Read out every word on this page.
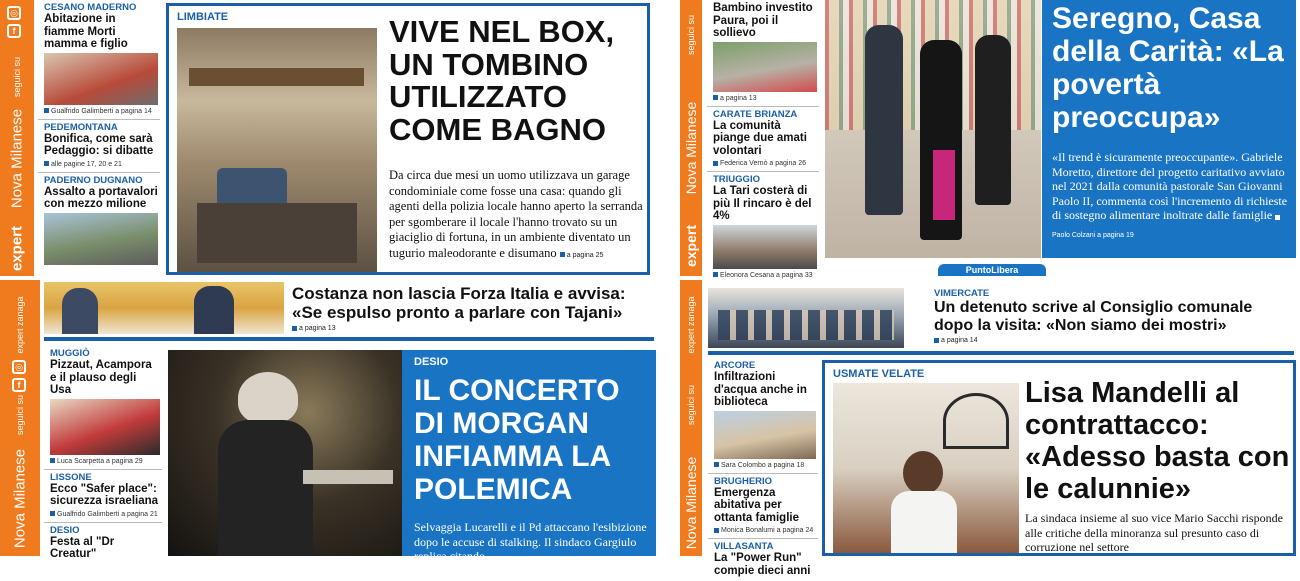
◎
f
seguici su
Nova Milanese
expert
CESANO MADERNO
Abitazione in fiamme Morti mamma e figlio
Gualfrido Galimberti a pagina 14
PEDEMONTANA
Bonifica, come sarà Pedaggio: si dibatte
alle pagine 17, 20 e 21
PADERNO DUGNANO
Assalto a portavalori con mezzo milione
LIMBIATE	VIVE NEL BOX, UN TOMBINO UTILIZZATO COME BAGNO
Da circa due mesi un uomo utilizzava un garage condominiale come fosse una casa: quando gli agenti della polizia locale hanno aperto la serranda per sgomberare il locale l'hanno trovato su un giaciglio di fortuna, in un ambiente diventato un tugurio maleodorante e disumano a pagina 25
seguici su
Nova Milanese
expert
Bambino investito Paura, poi il sollievo
a pagina 13
CARATE BRIANZA
La comunità piange due amati volontari
Federica Vernò a pagina 26
TRIUGGIO
La Tari costerà di più Il rincaro è del 4%
Eleonora Cesana a pagina 33
Seregno, Casa della Carità: «La povertà preoccupa»
«Il trend è sicuramente preoccupante». Gabriele Moretto, direttore del progetto caritativo avviato nel 2021 dalla comunità pastorale San Giovanni Paolo II, commenta così l'incremento di richieste di sostegno alimentare inoltrate dalle famiglie Paolo Colzani a pagina 19
PuntoLibera
expert zanaga
◎
f
seguici su
Nova Milanese
Costanza non lascia Forza Italia e avvisa: «Se espulso pronto a parlare con Tajani»
a pagina 13
MUGGIÒ
Pizzaut, Acampora e il plauso degli Usa
Luca Scarpetta a pagina 29
LISSONE
Ecco "Safer place": sicurezza israeliana
Gualfrido Galimberti a pagina 21
DESIO
Festa al "Dr Creatur"
DESIO
IL CONCERTO DI MORGAN INFIAMMA LA POLEMICA
Selvaggia Lucarelli e il Pd attaccano l'esibizione dopo le accuse di stalking. Il sindaco Gargiulo replica citando
expert zanaga
seguici su
Nova Milanese
VIMERCATE
Un detenuto scrive al Consiglio comunale dopo la visita: «Non siamo dei mostri»
a pagina 14
ARCORE
Infiltrazioni d'acqua anche in biblioteca
Sara Colombo a pagina 18
BRUGHERIO
Emergenza abitativa per ottanta famiglie
Monica Bonalumi a pagina 24
VILLASANTA
La "Power Run" compie dieci anni
USMATE VELATE
Lisa Mandelli al contrattacco: «Adesso basta con le calunnie»
La sindaca insieme al suo vice Mario Sacchi risponde alle critiche della minoranza sul presunto caso di corruzione nel settore
